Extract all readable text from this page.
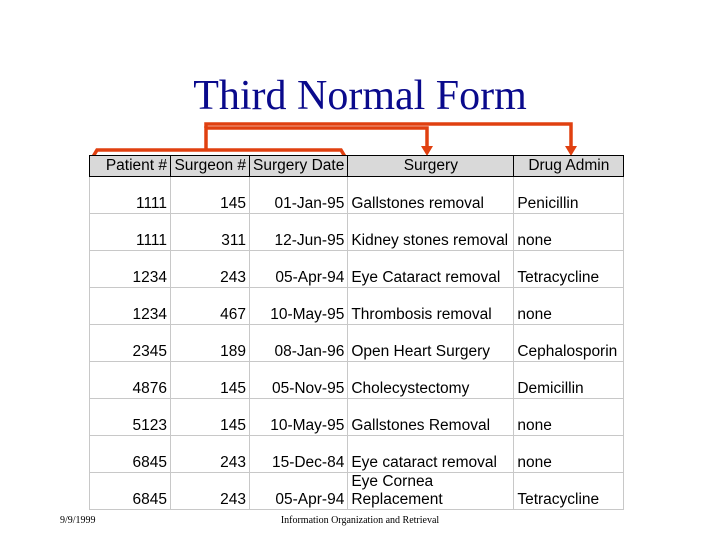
Third Normal Form
Patient #	Surgeon #	Surgery Date	Surgery	Drug Admin
1111	145	01-Jan-95	Gallstones removal	Penicillin
1111	311	12-Jun-95	Kidney stones removal	none
1234	243	05-Apr-94	Eye Cataract removal	Tetracycline
1234	467	10-May-95	Thrombosis removal	none
2345	189	08-Jan-96	Open Heart Surgery	Cephalosporin
4876	145	05-Nov-95	Cholecystectomy	Demicillin
5123	145	10-May-95	Gallstones Removal	none
6845	243	15-Dec-84	Eye cataract removal	none
6845	243	05-Apr-94	Eye Cornea Replacement	Tetracycline
9/9/1999	Information Organization and Retrieval
